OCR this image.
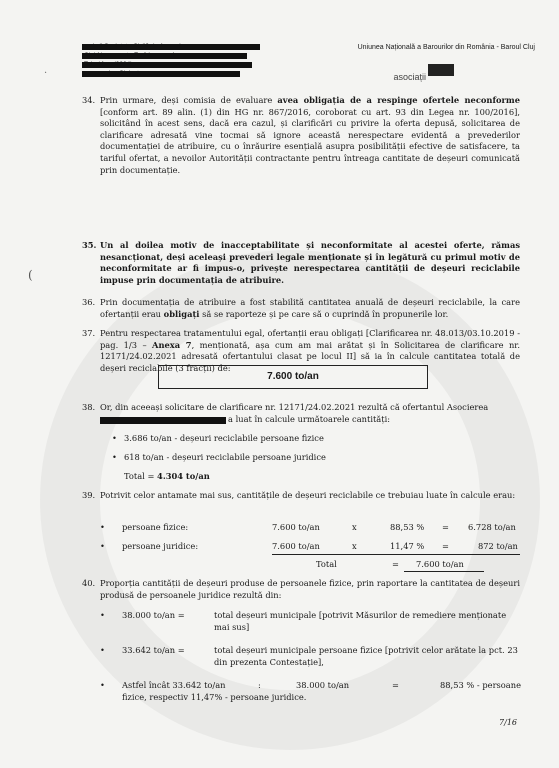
Uniunea Națională a Barourilor din România - Baroul Cluj
asociații
·
(
34. Prin urmare, deși comisia de evaluare avea obligația de a respinge ofertele neconforme [conform art. 89 alin. (1) din HG nr. 867/2016, coroborat cu art. 93 din Legea nr. 100/2016], solicitând în acest sens, dacă era cazul, și clarificări cu privire la oferta depusă, solicitarea de clarificare adresată vine tocmai să ignore această nerespectare evidentă a prevederilor documentației de atribuire, cu o înrăurire esențială asupra posibilității efective de satisfacere, ta tariful ofertat, a nevoilor Autorității contractante pentru întreaga cantitate de deșeuri comunicată prin documentație.
35. Un al doilea motiv de inacceptabilitate și neconformitate al acestei oferte, rămas nesancționat, deși aceleași prevederi legale menționate și în legătură cu primul motiv de neconformitate ar fi impus-o, privește nerespectarea cantității de deșeuri reciclabile impuse prin documentația de atribuire.
36. Prin documentația de atribuire a fost stabilită cantitatea anuală de deșeuri reciclabile, la care ofertanții erau obligați să se raporteze și pe care să o cuprindă în propunerile lor.
37. Pentru respectarea tratamentului egal, ofertanții erau obligați [Clarificarea nr. 48.013/03.10.2019 - pag. 1/3 – Anexa 7, menționată, așa cum am mai arătat și în Solicitarea de clarificare nr. 12171/24.02.2021 adresată ofertantului clasat pe locul II] să ia în calcule cantitatea totală de deșeri reciclabile (3 fracții) de:
7.600 to/an
38. Or, din aceeași solicitare de clarificare nr. 12171/24.02.2021 rezultă că ofertantul Asocierea
a luat în calcule următoarele cantități:
• 3.686 to/an - deșeuri reciclabile persoane fizice
• 618 to/an - deșeuri reciclabile persoane juridice
Total = 4.304 to/an
39. Potrivit celor antamate mai sus, cantitățile de deșeuri reciclabile ce trebuiau luate în calcule erau:
• persoane fizice:	7.600 to/an	x	88,53 % = 6.728 to/an
• persoane juridice:	7.600 to/an	x	11,47 % =	872 to/an
Total	= 7.600 to/an
40. Proporția cantității de deșeuri produse de persoanele fizice, prin raportare la cantitatea de deșeuri produsă de persoanele juridice rezultă din:
• 38.000 to/an =	total deșeuri municipale [potrivit Măsurilor de remediere menționate mai sus]
• 33.642 to/an =	total deșeuri municipale persoane fizice [potrivit celor arătate la pct. 23 din prezenta Contestație],
• Astfel încât 33.642 to/an	:	38.000 to/an	=	88,53 % - persoane
fizice, respectiv 11,47% - persoane juridice.
7/16
